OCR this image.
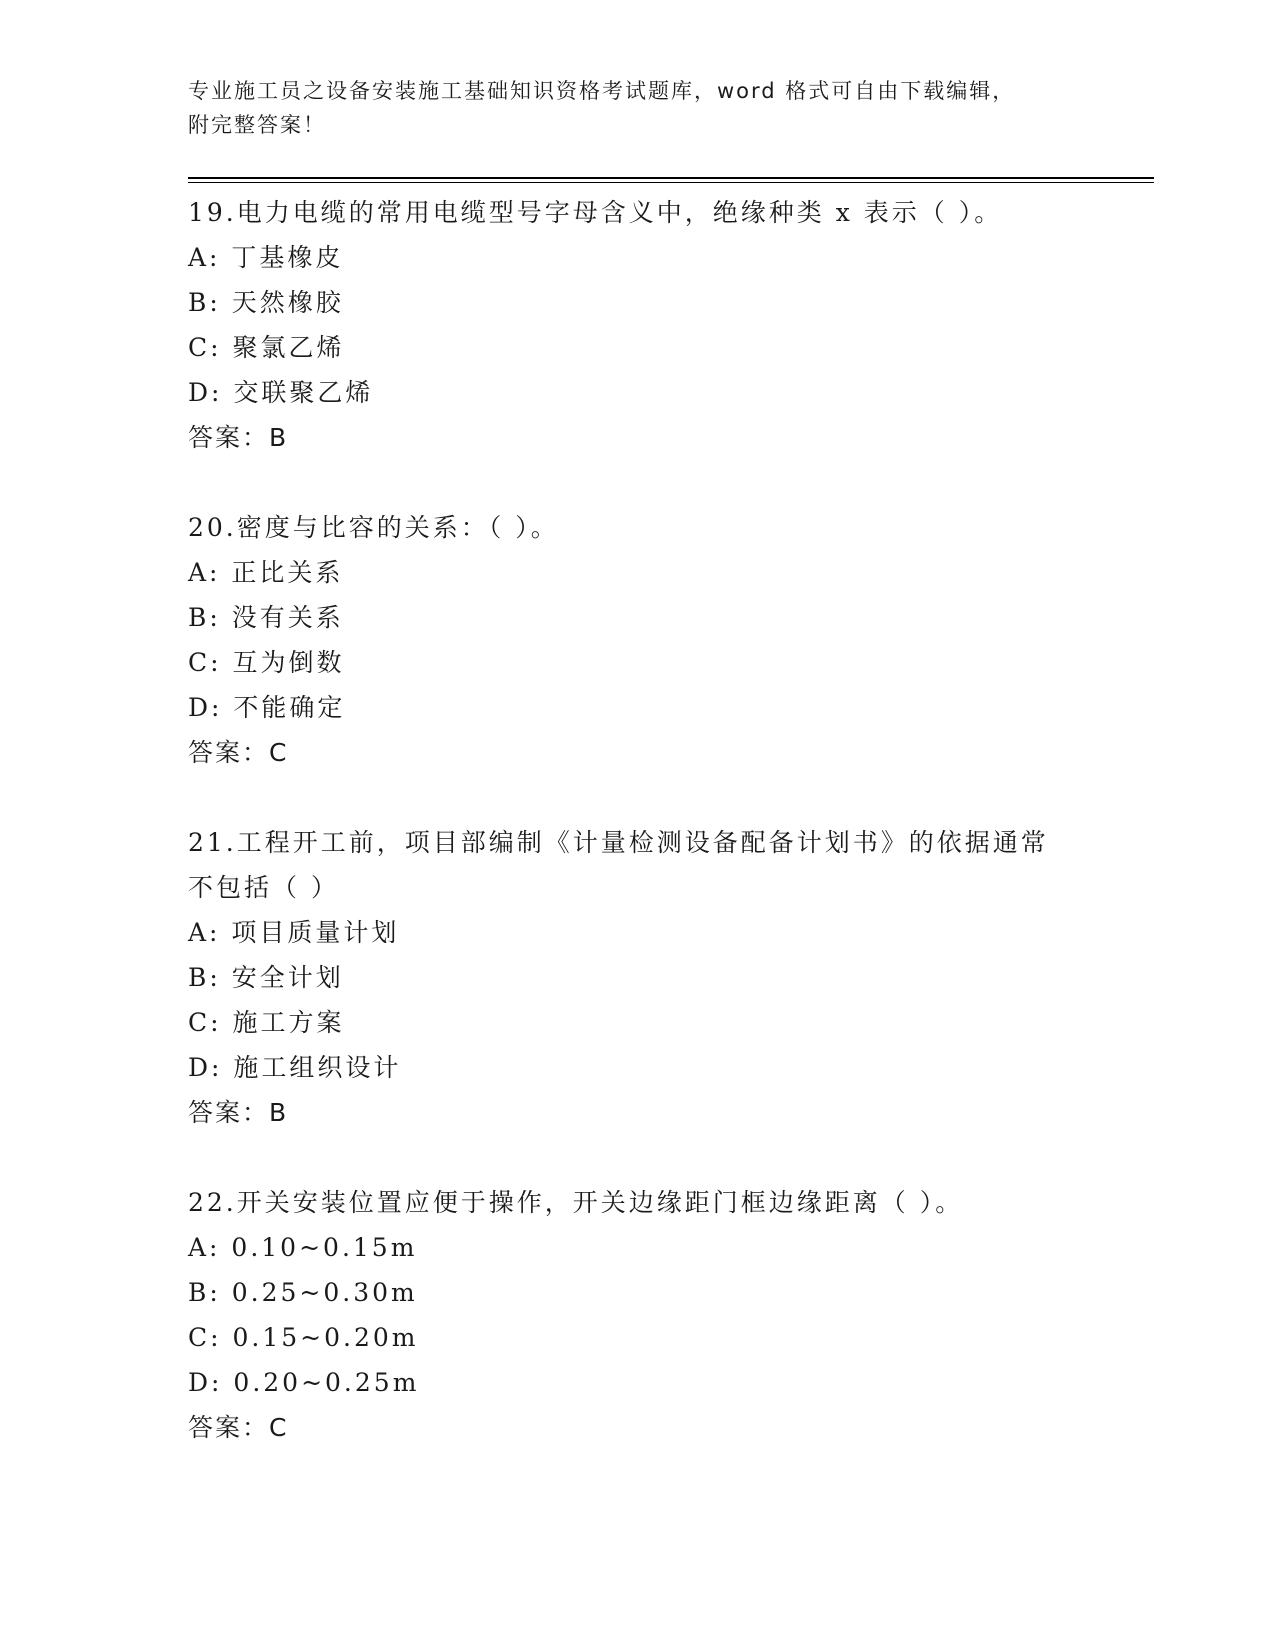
专业施工员之设备安装施工基础知识资格考试题库，word 格式可自由下载编辑，
附完整答案！
19.电力电缆的常用电缆型号字母含义中，绝缘种类 x 表示（ ）。
A: 丁基橡皮
B: 天然橡胶
C: 聚氯乙烯
D: 交联聚乙烯
答案：B
20.密度与比容的关系：（ ）。
A: 正比关系
B: 没有关系
C: 互为倒数
D: 不能确定
答案：C
21.工程开工前，项目部编制《计量检测设备配备计划书》的依据通常
不包括（ ）
A: 项目质量计划
B: 安全计划
C: 施工方案
D: 施工组织设计
答案：B
22.开关安装位置应便于操作，开关边缘距门框边缘距离（ ）。
A: 0.10~0.15m
B: 0.25~0.30m
C: 0.15~0.20m
D: 0.20~0.25m
答案：C
